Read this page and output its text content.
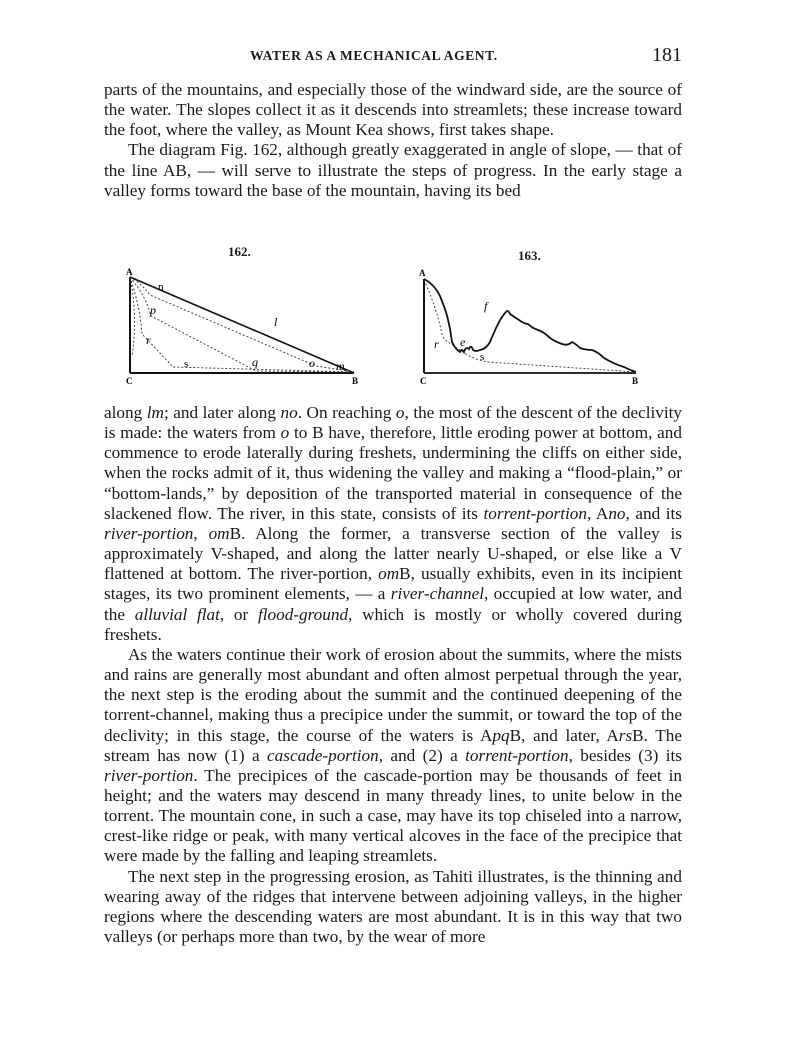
WATER AS A MECHANICAL AGENT.	181

parts of the mountains, and especially those of the windward side, are the source of the water. The slopes collect it as it descends into streamlets; these increase toward the foot, where the valley, as Mount Kea shows, first takes shape.

The diagram Fig. 162, although greatly exaggerated in angle of slope, — that of the line AB, — will serve to illustrate the steps of progress. In the early stage a valley forms toward the base of the mountain, having its bed

162.
A
C	B
n
l
p
r
s	q	o m
163.
A
C	B
f
e
r
s

along lm; and later along no. On reaching o, the most of the descent of the declivity is made: the waters from o to B have, therefore, little eroding power at bottom, and commence to erode laterally during freshets, undermining the cliffs on either side, when the rocks admit of it, thus widening the valley and making a “flood-plain,” or “bottom-lands,” by deposition of the transported material in consequence of the slackened flow. The river, in this state, consists of its torrent-portion, Ano, and its river-portion, omB. Along the former, a transverse section of the valley is approximately V-shaped, and along the latter nearly U-shaped, or else like a V flattened at bottom. The river-portion, omB, usually exhibits, even in its incipient stages, its two prominent elements, — a river-channel, occupied at low water, and the alluvial flat, or flood-ground, which is mostly or wholly covered during freshets.

As the waters continue their work of erosion about the summits, where the mists and rains are generally most abundant and often almost perpetual through the year, the next step is the eroding about the summit and the continued deepening of the torrent-channel, making thus a precipice under the summit, or toward the top of the declivity; in this stage, the course of the waters is ApqB, and later, ArsB. The stream has now (1) a cascade-portion, and (2) a torrent-portion, besides (3) its river-portion. The precipices of the cascade-portion may be thousands of feet in height; and the waters may descend in many thready lines, to unite below in the torrent. The mountain cone, in such a case, may have its top chiseled into a narrow, crest-like ridge or peak, with many vertical alcoves in the face of the precipice that were made by the falling and leaping streamlets.

The next step in the progressing erosion, as Tahiti illustrates, is the thinning and wearing away of the ridges that intervene between adjoining valleys, in the higher regions where the descending waters are most abundant. It is in this way that two valleys (or perhaps more than two, by the wear of more
